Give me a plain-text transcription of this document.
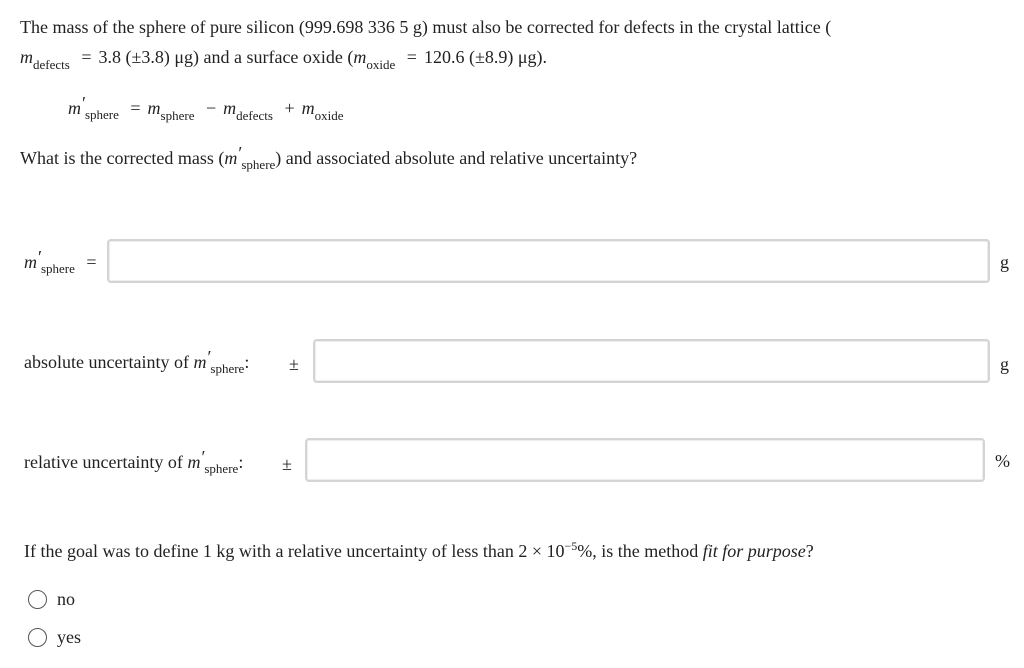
The mass of the sphere of pure silicon (999.698 336 5 g) must also be corrected for defects in the crystal lattice (
$m_{defects} = 3.8$ (±3.8) μg) and a surface oxide ($m_{oxide} = 120.6$ (±8.9) μg).
$m'_{sphere} = m_{sphere} - m_{defects} + m_{oxide}$
What is the corrected mass $(m'_{sphere})$ and associated absolute and relative uncertainty?
$m'_{sphere}$ =	g
absolute uncertainty of $m'_{sphere}$: ±	g
relative uncertainty of $m'_{sphere}$: ±	%
If the goal was to define 1 kg with a relative uncertainty of less than $2 \times 10^{-5}\%$, is the method fit for purpose?
no
yes
